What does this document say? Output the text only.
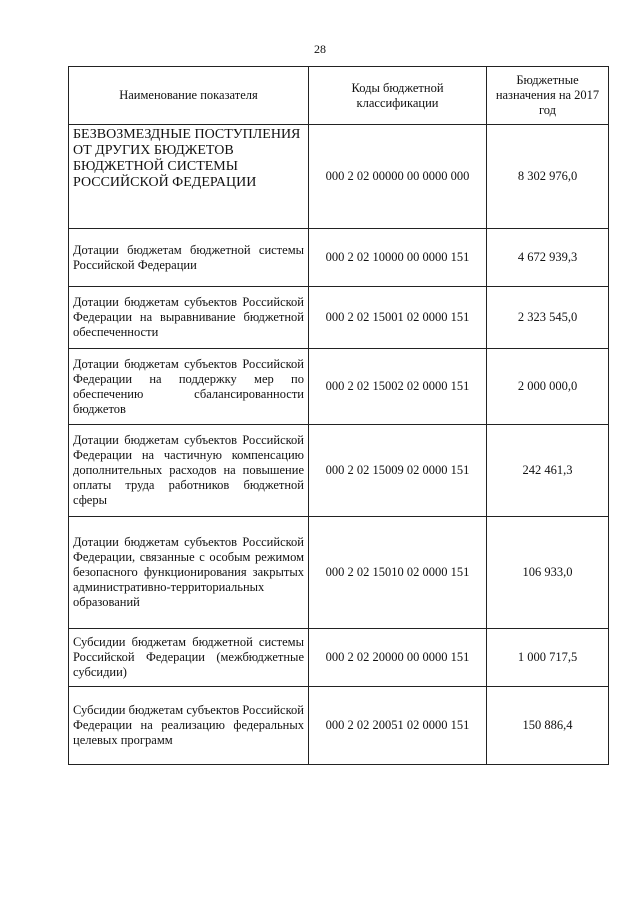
28
Наименование показателя	Коды бюджетной классификации	Бюджетные назначения на 2017 год
БЕЗВОЗМЕЗДНЫЕ ПОСТУПЛЕНИЯ ОТ ДРУГИХ БЮДЖЕТОВ БЮДЖЕТНОЙ СИСТЕМЫ РОССИЙСКОЙ ФЕДЕРАЦИИ	000 2 02 00000 00 0000 000	8 302 976,0
Дотации бюджетам бюджетной системы Российской Федерации	000 2 02 10000 00 0000 151	4 672 939,3
Дотации бюджетам субъектов Российской Федерации на выравнивание бюджетной обеспеченности	000 2 02 15001 02 0000 151	2 323 545,0
Дотации бюджетам субъектов Российской Федерации на поддержку мер по обеспечению сбалансированности бюджетов	000 2 02 15002 02 0000 151	2 000 000,0
Дотации бюджетам субъектов Российской Федерации на частичную компенсацию дополнительных расходов на повышение оплаты труда работников бюджетной сферы	000 2 02 15009 02 0000 151	242 461,3
Дотации бюджетам субъектов Российской Федерации, связанные с особым режимом безопасного функционирования закрытых административно-территориальных образований	000 2 02 15010 02 0000 151	106 933,0
Субсидии бюджетам бюджетной системы Российской Федерации (межбюджетные субсидии)	000 2 02 20000 00 0000 151	1 000 717,5
Субсидии бюджетам субъектов Российской Федерации на реализацию федеральных целевых программ	000 2 02 20051 02 0000 151	150 886,4
